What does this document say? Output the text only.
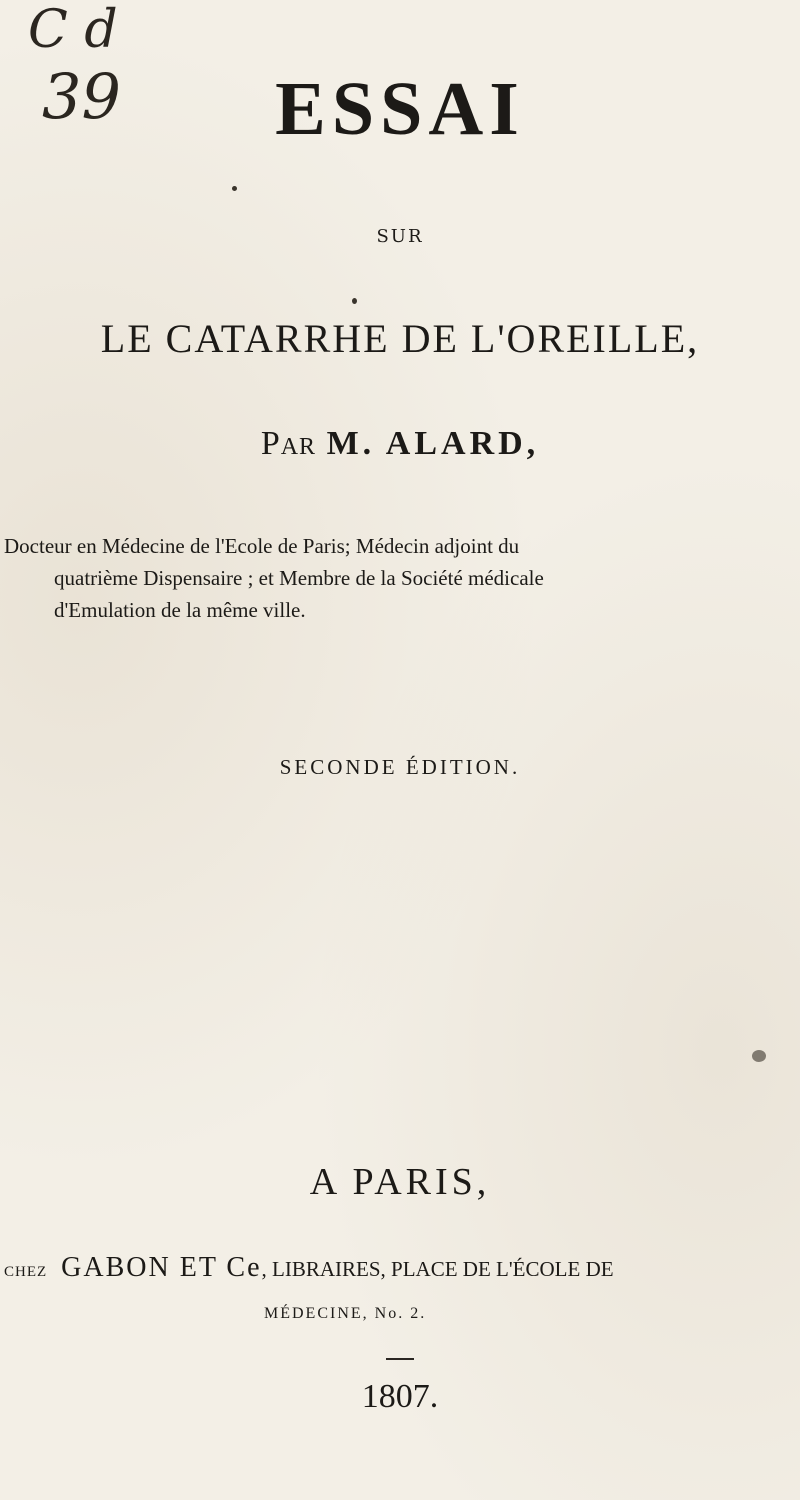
C d
39	ESSAI
SUR
LE CATARRHE DE L'OREILLE,
Par M. ALARD,
Docteur en Médecine de l'Ecole de Paris; Médecin adjoint du
quatrième Dispensaire ; et Membre de la Société médicale
d'Emulation de la même ville.
SECONDE ÉDITION.
A PARIS,
CHEZ GABON ET Ce, LIBRAIRES, PLACE DE L'ÉCOLE DE
MÉDECINE, No. 2.
1807.
